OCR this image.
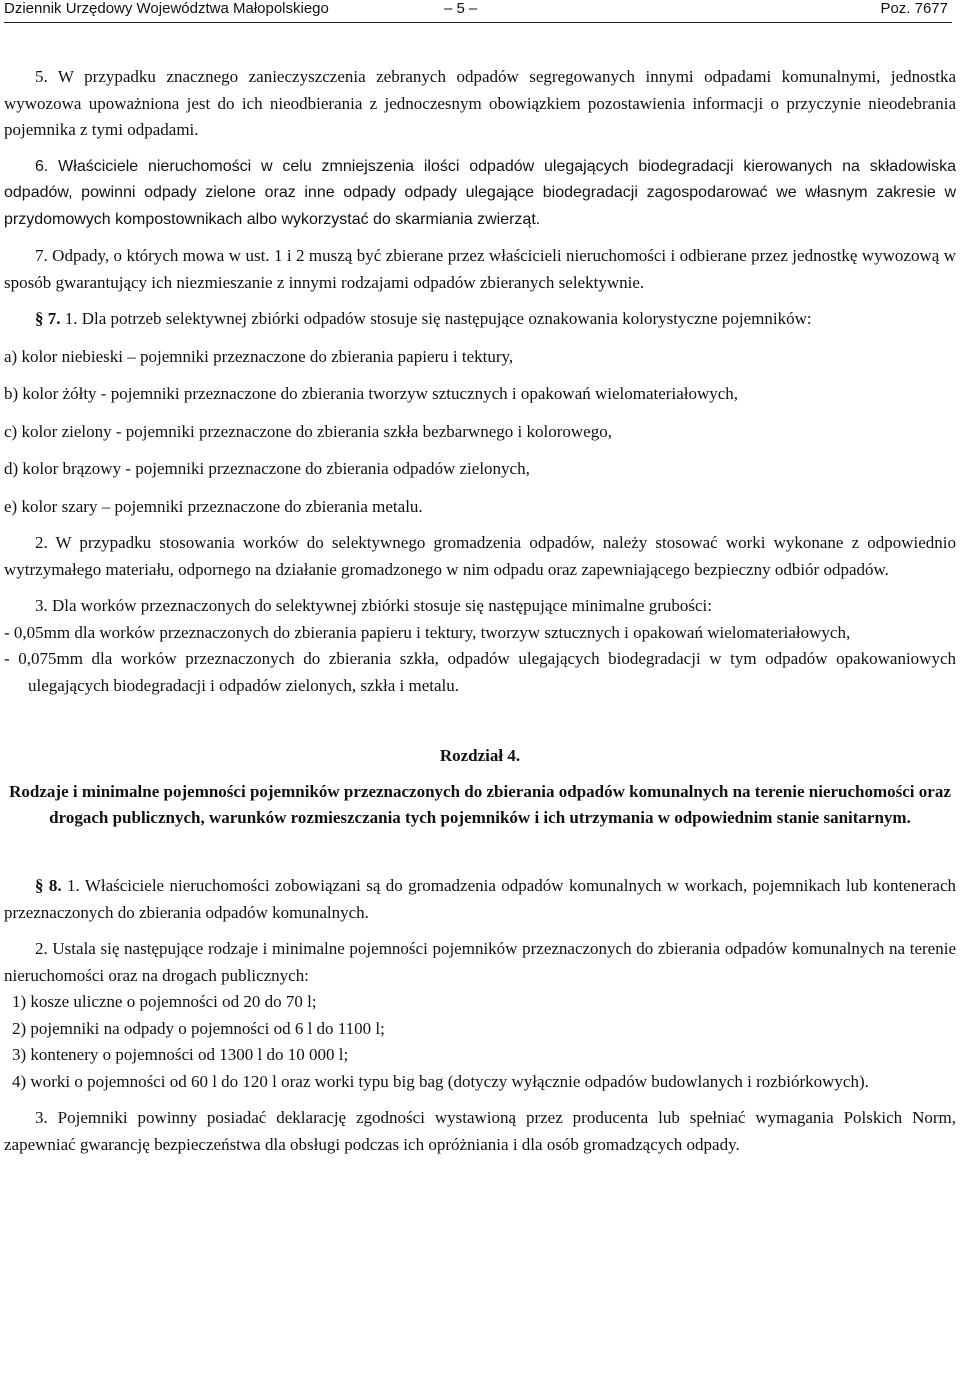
Dziennik Urzędowy Województwa Małopolskiego	– 5 –	Poz. 7677

5. W przypadku znacznego zanieczyszczenia zebranych odpadów segregowanych innymi odpadami komunalnymi, jednostka wywozowa upoważniona jest do ich nieodbierania z jednoczesnym obowiązkiem pozostawienia informacji o przyczynie nieodebrania pojemnika z tymi odpadami.

6. Właściciele nieruchomości w celu zmniejszenia ilości odpadów ulegających biodegradacji kierowanych na składowiska odpadów, powinni odpady zielone oraz inne odpady odpady ulegające biodegradacji zagospodarować we własnym zakresie w przydomowych kompostownikach albo wykorzystać do skarmiania zwierząt.

7. Odpady, o których mowa w ust. 1 i 2 muszą być zbierane przez właścicieli nieruchomości i odbierane przez jednostkę wywozową w sposób gwarantujący ich niezmieszanie z innymi rodzajami odpadów zbieranych selektywnie.

§ 7. 1. Dla potrzeb selektywnej zbiórki odpadów stosuje się następujące oznakowania kolorystyczne pojemników:

a) kolor niebieski – pojemniki przeznaczone do zbierania papieru i tektury,

b) kolor żółty - pojemniki przeznaczone do zbierania tworzyw sztucznych i opakowań wielomateriałowych,

c) kolor zielony - pojemniki przeznaczone do zbierania szkła bezbarwnego i kolorowego,

d) kolor brązowy - pojemniki przeznaczone do zbierania odpadów zielonych,

e) kolor szary – pojemniki przeznaczone do zbierania metalu.

2. W przypadku stosowania worków do selektywnego gromadzenia odpadów, należy stosować worki wykonane z odpowiednio wytrzymałego materiału, odpornego na działanie gromadzonego w nim odpadu oraz zapewniającego bezpieczny odbiór odpadów.

3. Dla worków przeznaczonych do selektywnej zbiórki stosuje się następujące minimalne grubości:

- 0,05mm dla worków przeznaczonych do zbierania papieru i tektury, tworzyw sztucznych i opakowań wielomateriałowych,

- 0,075mm dla worków przeznaczonych do zbierania szkła, odpadów ulegających biodegradacji w tym odpadów opakowaniowych ulegających biodegradacji i odpadów zielonych, szkła i metalu.

Rozdział 4.

Rodzaje i minimalne pojemności pojemników przeznaczonych do zbierania odpadów komunalnych na terenie nieruchomości oraz drogach publicznych, warunków rozmieszczania tych pojemników i ich utrzymania w odpowiednim stanie sanitarnym.

§ 8. 1. Właściciele nieruchomości zobowiązani są do gromadzenia odpadów komunalnych w workach, pojemnikach lub kontenerach przeznaczonych do zbierania odpadów komunalnych.

2. Ustala się następujące rodzaje i minimalne pojemności pojemników przeznaczonych do zbierania odpadów komunalnych na terenie nieruchomości oraz na drogach publicznych:

1) kosze uliczne o pojemności od 20 do 70 l;

2) pojemniki na odpady o pojemności od 6 l do 1100 l;

3) kontenery o pojemności od 1300 l do 10 000 l;

4) worki o pojemności od 60 l do 120 l oraz worki typu big bag (dotyczy wyłącznie odpadów budowlanych i rozbiórkowych).

3. Pojemniki powinny posiadać deklarację zgodności wystawioną przez producenta lub spełniać wymagania Polskich Norm, zapewniać gwarancję bezpieczeństwa dla obsługi podczas ich opróżniania i dla osób gromadzących odpady.
